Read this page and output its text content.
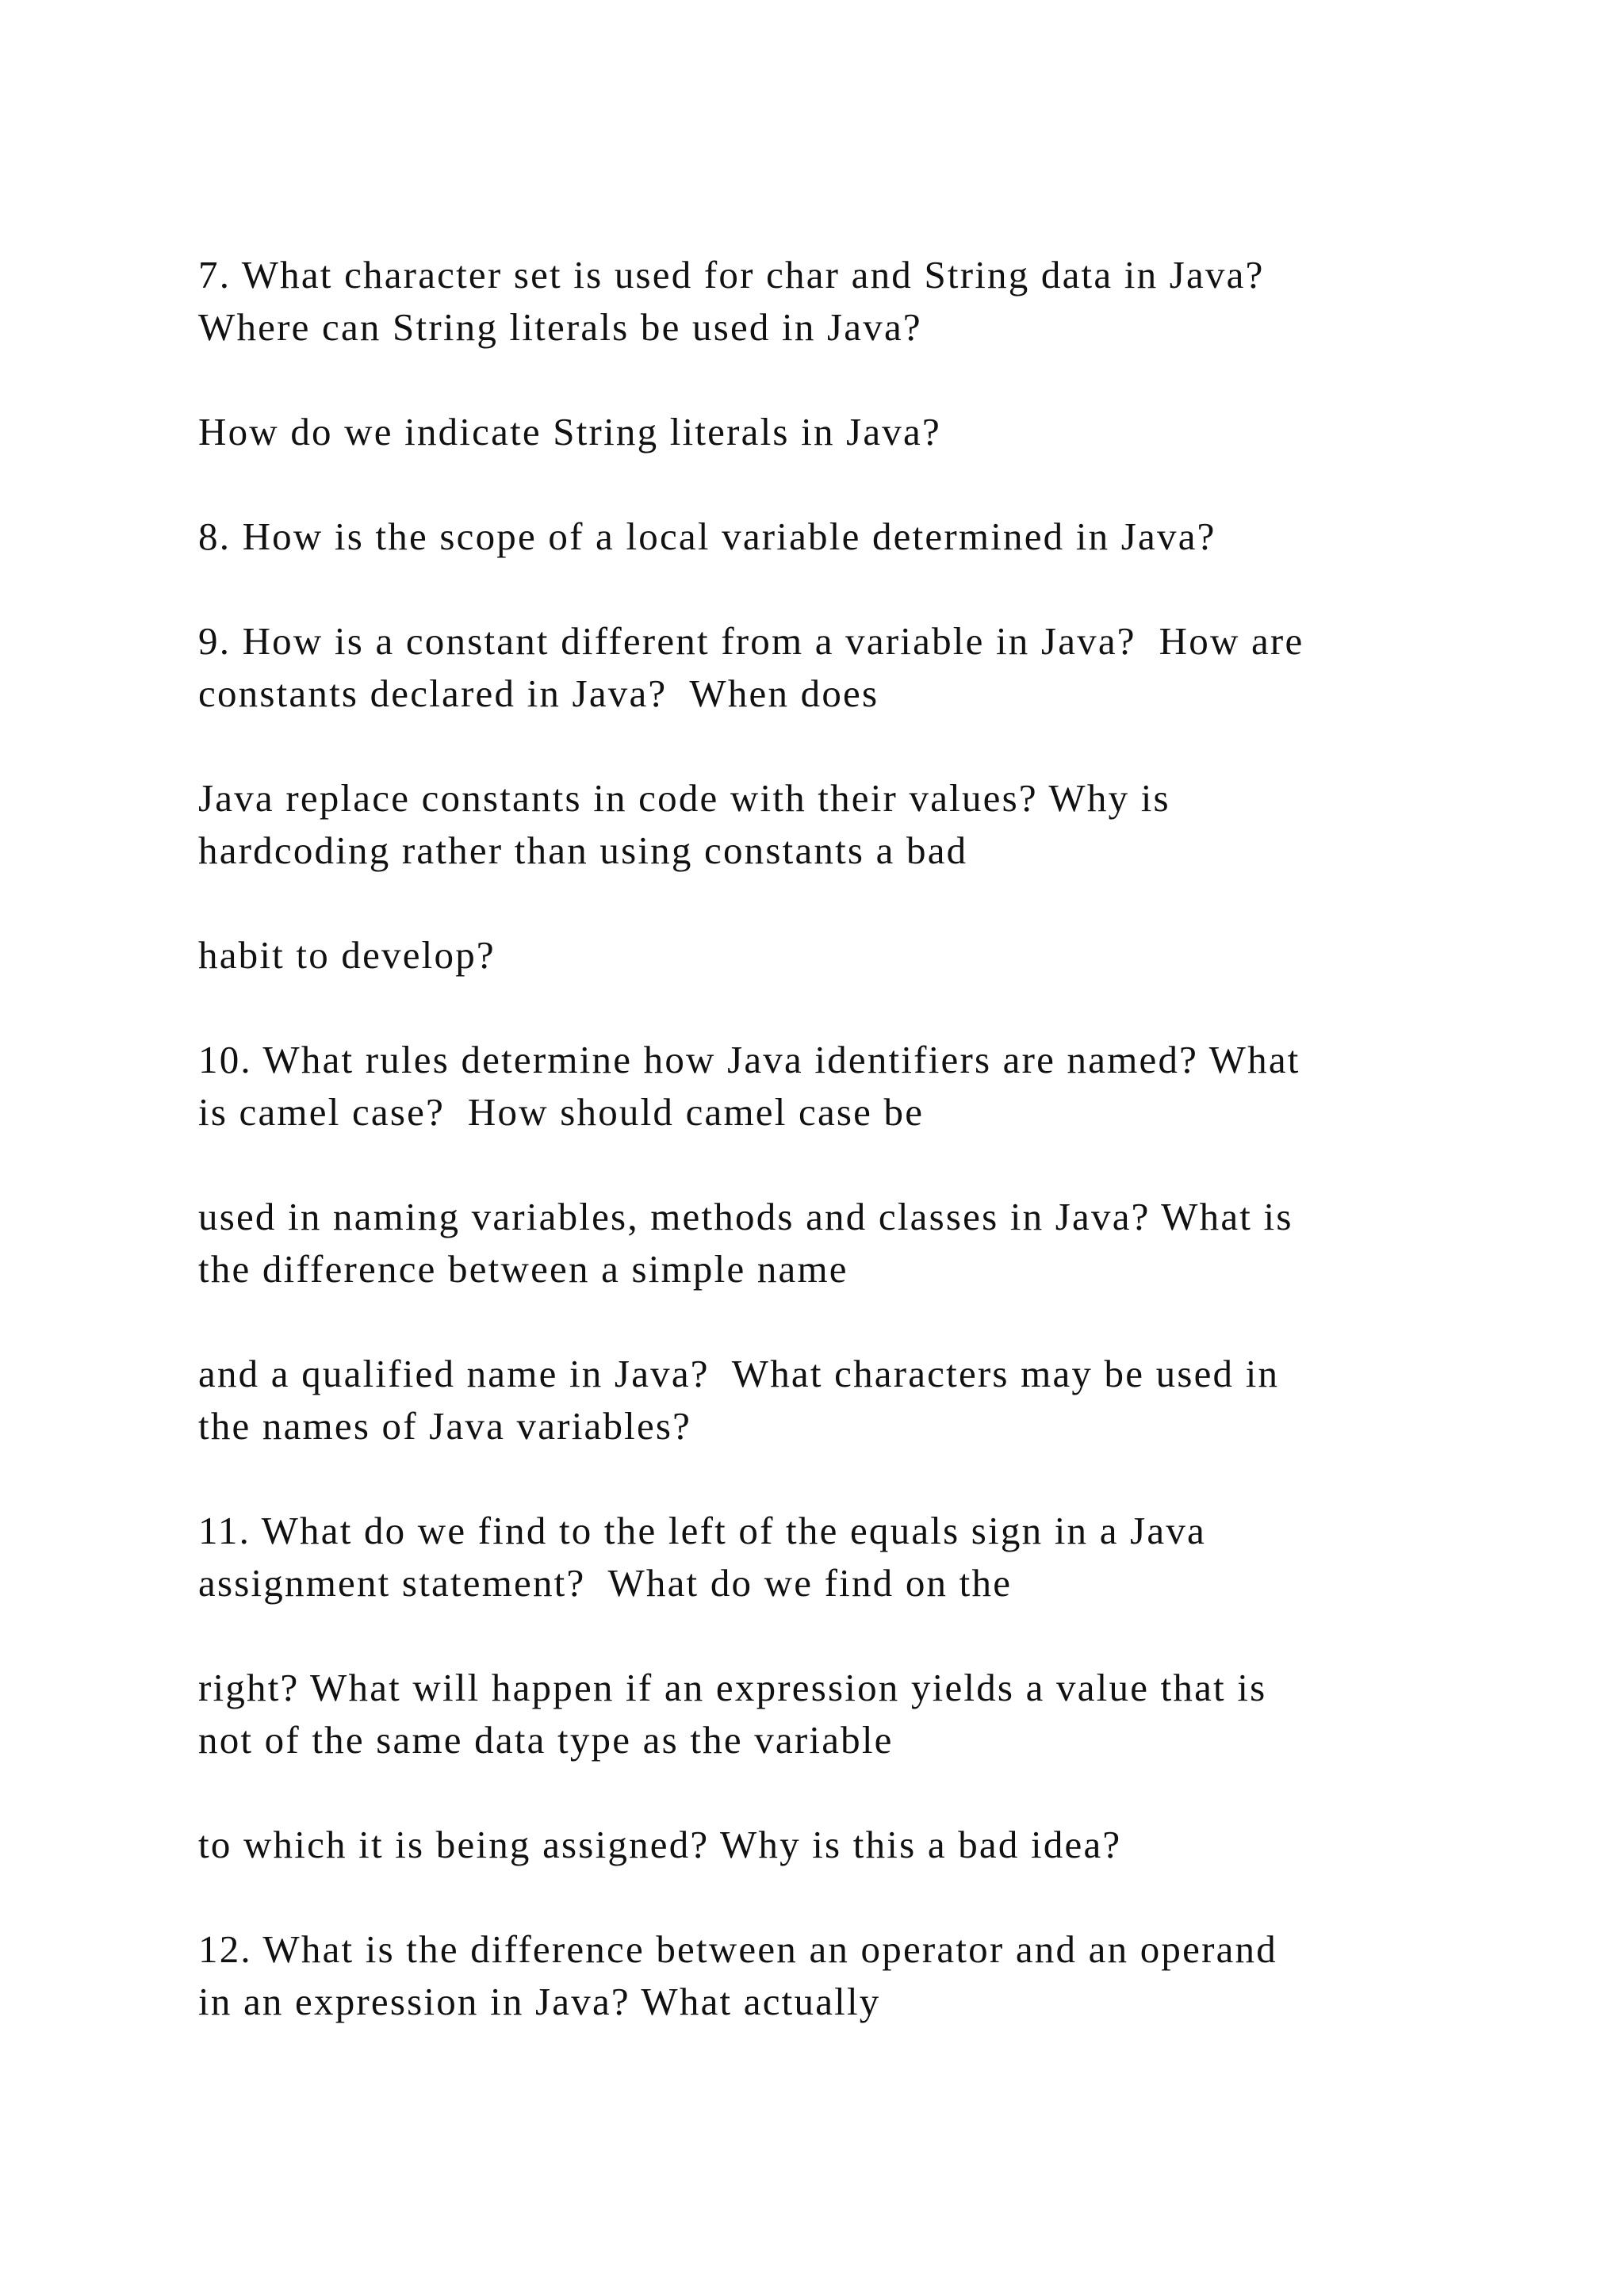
7. What character set is used for char and String data in Java?
Where can String literals be used in Java?
How do we indicate String literals in Java?
8. How is the scope of a local variable determined in Java?
9. How is a constant different from a variable in Java?  How are
constants declared in Java?  When does
Java replace constants in code with their values? Why is
hardcoding rather than using constants a bad
habit to develop?
10. What rules determine how Java identifiers are named? What
is camel case?  How should camel case be
used in naming variables, methods and classes in Java? What is
the difference between a simple name
and a qualified name in Java?  What characters may be used in
the names of Java variables?
11. What do we find to the left of the equals sign in a Java
assignment statement?  What do we find on the
right? What will happen if an expression yields a value that is
not of the same data type as the variable
to which it is being assigned? Why is this a bad idea?
12. What is the difference between an operator and an operand
in an expression in Java? What actually
